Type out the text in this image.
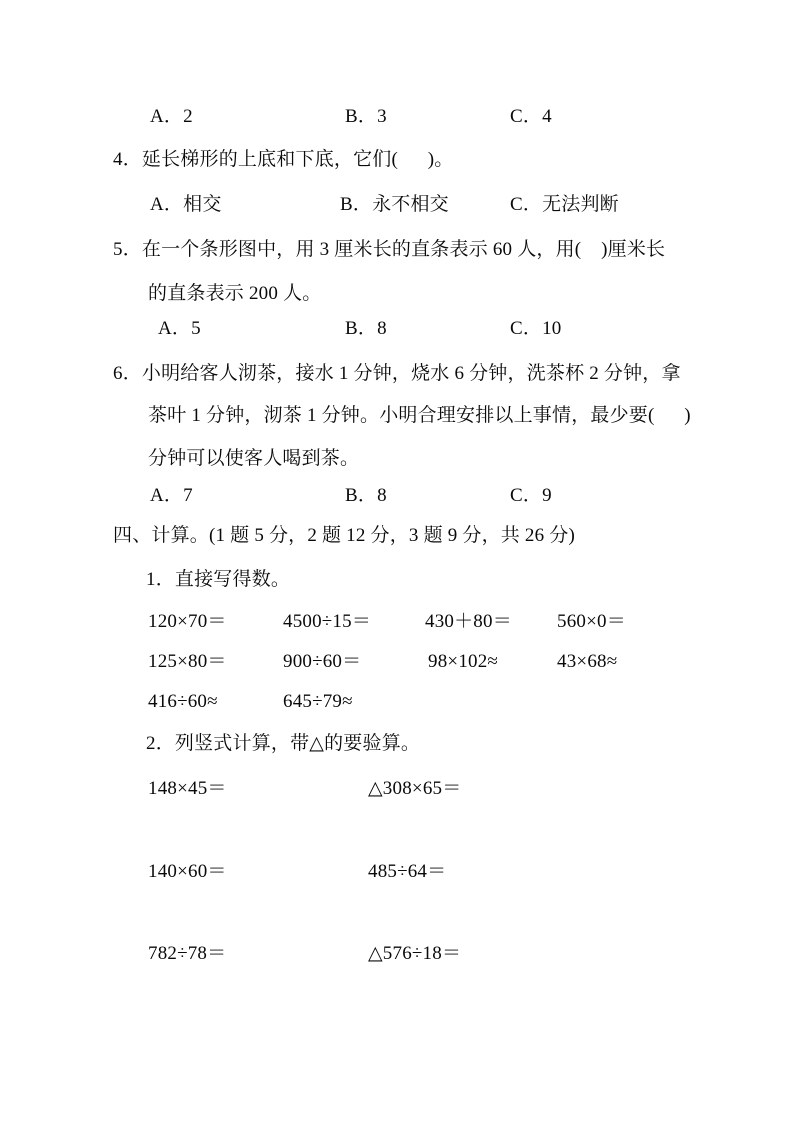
A．2	B．3	C．4
4．延长梯形的上底和下底，它们(      )。
A．相交	B．永不相交	C．无法判断
5．在一个条形图中，用 3 厘米长的直条表示 60 人，用(    )厘米长
的直条表示 200 人。
A．5	B．8	C．10
6．小明给客人沏茶，接水 1 分钟，烧水 6 分钟，洗茶杯 2 分钟，拿
茶叶 1 分钟，沏茶 1 分钟。小明合理安排以上事情，最少要(      )
分钟可以使客人喝到茶。
A．7	B．8	C．9
四、计算。(1 题 5 分，2 题 12 分，3 题 9 分，共 26 分)
1．直接写得数。
120×70＝	4500÷15＝	430＋80＝ 560×0＝
125×80＝	900÷60＝	98×102≈	43×68≈
416÷60≈	645÷79≈
2．列竖式计算，带△的要验算。
148×45＝	△308×65＝
140×60＝	485÷64＝
782÷78＝	△576÷18＝
